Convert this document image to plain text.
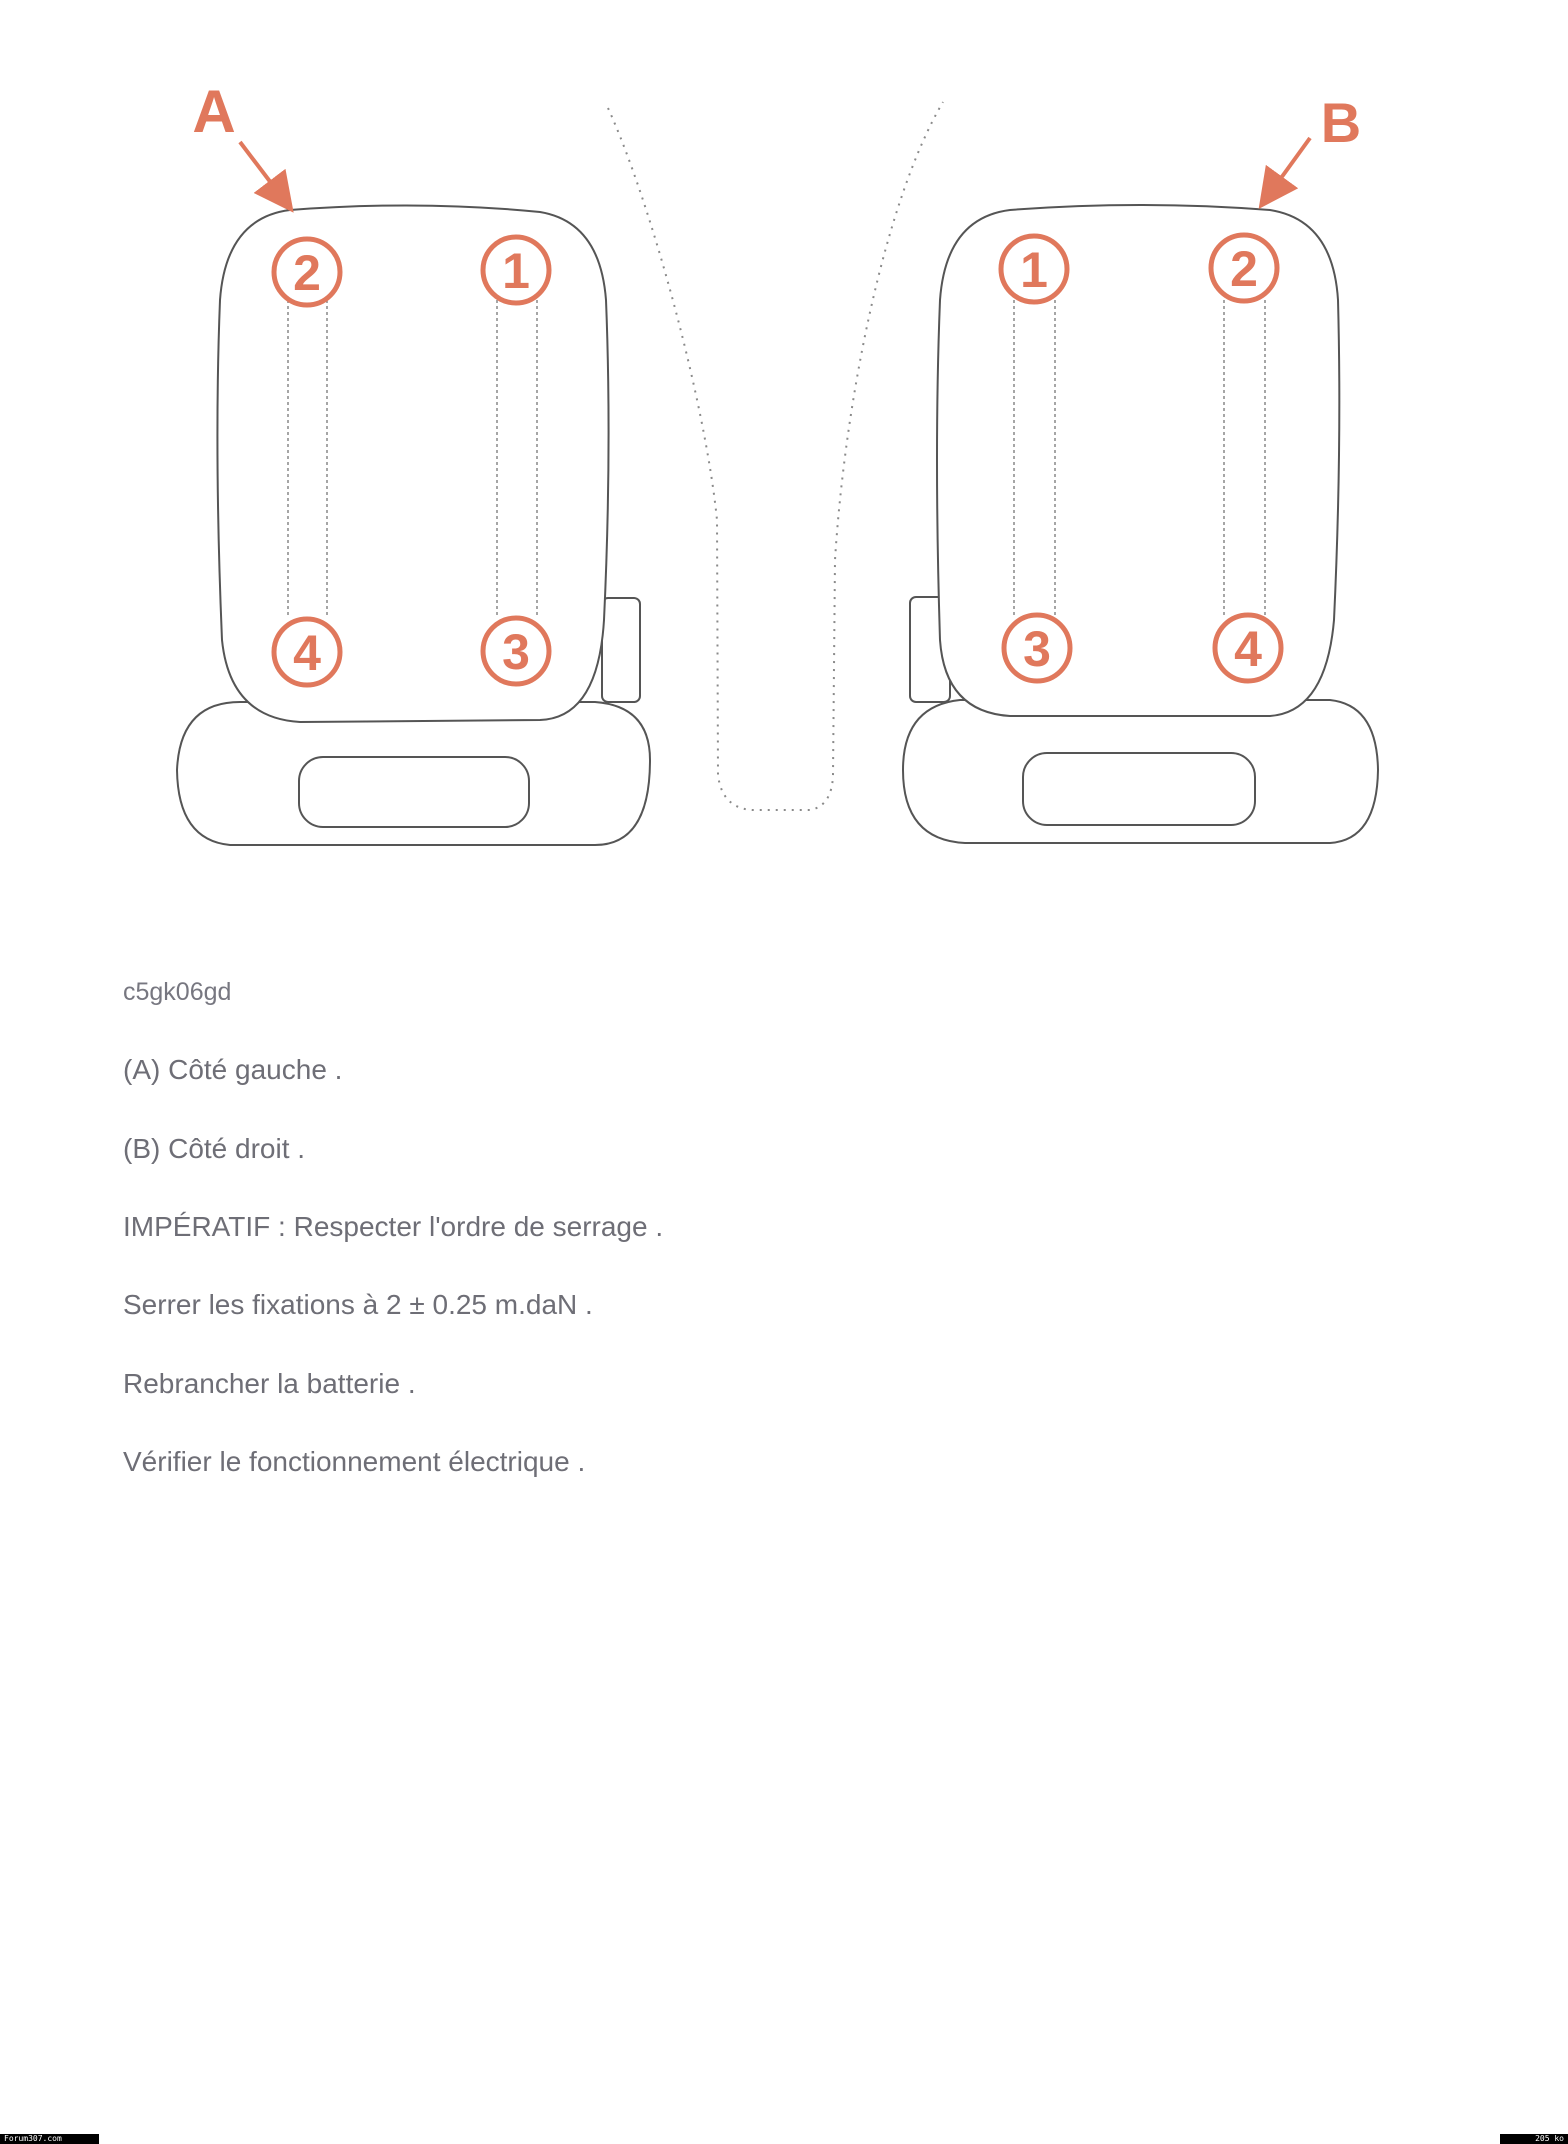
A	B
2	1
4	3
1	2
3	4
c5gk06gd
(A) Côté gauche .
(B) Côté droit .
IMPÉRATIF : Respecter l'ordre de serrage .
Serrer les fixations à 2 ± 0.25 m.daN .
Rebrancher la batterie .
Vérifier le fonctionnement électrique .
Forum307.com	205 ko
